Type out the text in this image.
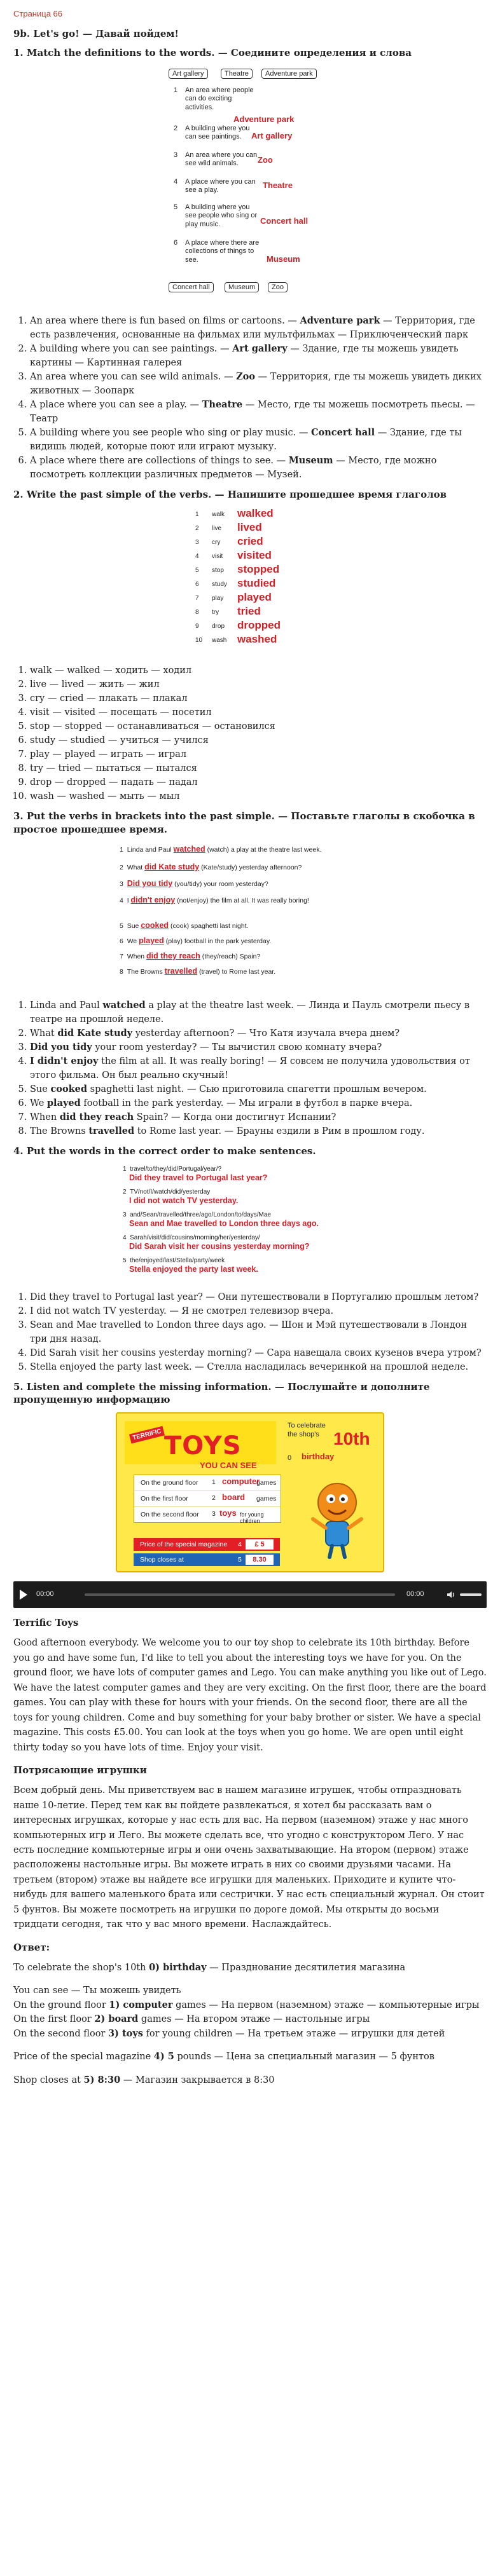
Страница 66
9b. Let's go! — Давай пойдем!
1. Match the definitions to the words. — Соедините определения и слова
Art gallery	Theatre	Adventure park
1 An area where people can do exciting activities.
Adventure park
2 A building where you can see paintings.	Art gallery
3 An area where you can see wild animals.	Zoo
4 A place where you can see a play.
Theatre
5 A building where you see people who sing or play music.	Concert hall
6 A place where there are collections of things to see.	Museum
Concert hall	Museum	Zoo
1. An area where there is fun based on films or cartoons. — Adventure park — Территория, где есть развлечения, основанные на фильмах или мультфильмах — Приключенческий парк
2. A building where you can see paintings. — Art gallery — Здание, где ты можешь увидеть картины — Картинная галерея
3. An area where you can see wild animals. — Zoo — Территория, где ты можешь увидеть диких животных — Зоопарк
4. A place where you can see a play. — Theatre — Место, где ты можешь посмотреть пьесы. — Театр
5. A building where you see people who sing or play music. — Concert hall — Здание, где ты видишь людей, которые поют или играют музыку.
6. A place where there are collections of things to see. — Museum — Место, где можно посмотреть коллекции различных предметов — Музей.
2. Write the past simple of the verbs. — Напишите прошедшее время глаголов
1 walk walked
2 live lived
3 cry cried
4 visit visited
5 stop stopped
6 study studied
7 play played
8 try tried
9 drop dropped
10 wash washed
1. walk — walked — ходить — ходил
2. live — lived — жить — жил
3. cry — cried — плакать — плакал
4. visit — visited — посещать — посетил
5. stop — stopped — останавливаться — остановился
6. study — studied — учиться — учился
7. play — played — играть — играл
8. try — tried — пытаться — пытался
9. drop — dropped — падать — падал
10. wash — washed — мыть — мыл
3. Put the verbs in brackets into the past simple. — Поставьте глаголы в скобочка в простое прошедшее время.
1 Linda and Paul watched (watch) a play at the theatre last week.
2 What did Kate study (Kate/study) yesterday afternoon?
3 Did you tidy (you/tidy) your room yesterday?
4 I didn't enjoy (not/enjoy) the film at all. It was really boring!
5 Sue cooked (cook) spaghetti last night.
6 We played (play) football in the park yesterday.
7 When did they reach (they/reach) Spain?
8 The Browns travelled (travel) to Rome last year.
1. Linda and Paul watched a play at the theatre last week. — Линда и Пауль смотрели пьесу в театре на прошлой неделе.
2. What did Kate study yesterday afternoon? — Что Катя изучала вчера днем?
3. Did you tidy your room yesterday? — Ты вычистил свою комнату вчера?
4. I didn't enjoy the film at all. It was really boring! — Я совсем не получила удовольствия от этого фильма. Он был реально скучный!
5. Sue cooked spaghetti last night. — Сью приготовила спагетти прошлым вечером.
6. We played football in the park yesterday. — Мы играли в футбол в парке вчера.
7. When did they reach Spain? — Когда они достигнут Испании?
8. The Browns travelled to Rome last year. — Брауны ездили в Рим в прошлом году.
4. Put the words in the correct order to make sentences.
1 travel/to/they/did/Portugal/year/?
Did they travel to Portugal last year?
2 TV/not/I/watch/did/yesterday
I did not watch TV yesterday.
3 and/Sean/travelled/three/ago/London/to/days/Mae
Sean and Mae travelled to London three days ago.
4 Sarah/visit/did/cousins/morning/her/yesterday/
Did Sarah visit her cousins yesterday morning?
5 the/enjoyed/last/Stella/party/week
Stella enjoyed the party last week.
1. Did they travel to Portugal last year? — Они путешествовали в Португалию прошлым летом?
2. I did not watch TV yesterday. — Я не смотрел телевизор вчера.
3. Sean and Mae travelled to London three days ago. — Шон и Мэй путешествовали в Лондон три дня назад.
4. Did Sarah visit her cousins yesterday morning? — Сара навещала своих кузенов вчера утром?
5. Stella enjoyed the party last week. — Стелла насладилась вечеринкой на прошлой неделе.
5. Listen and complete the missing information. — Послушайте и дополните пропущенную информацию
TERRIFIC TOYS
YOU CAN SEE
To celebrate the shop's 10th
0 birthday
On the ground floor 1 computer
games
On the first floor	2 board games
On the second floor 3 toys for young children
Price of the special magazine 4	£ 5
Shop closes at	5	8.30
00:00	00:00
Terrific Toys

Good afternoon everybody. We welcome you to our toy shop to celebrate its 10th birthday. Before you go and have some fun, I'd like to tell you about the interesting toys we have for you. On the ground floor, we have lots of computer games and Lego. You can make anything you like out of Lego. We have the latest computer games and they are very exciting. On the first floor, there are the board games. You can play with these for hours with your friends. On the second floor, there are all the toys for young children. Come and buy something for your baby brother or sister. We have a special magazine. This costs £5.00. You can look at the toys when you go home. We are open until eight thirty today so you have lots of time. Enjoy your visit.

Потрясающие игрушки

Всем добрый день. Мы приветствуем вас в нашем магазине игрушек, чтобы отпраздновать наше 10-летие. Перед тем как вы пойдете развлекаться, я хотел бы рассказать вам о интересных игрушках, которые у нас есть для вас. На первом (наземном) этаже у нас много компьютерных игр и Лего. Вы можете сделать все, что угодно с конструктором Лего. У нас есть последние компьютерные игры и они очень захватывающие. На втором (первом) этаже расположены настольные игры. Вы можете играть в них со своими друзьями часами. На третьем (втором) этаже вы найдете все игрушки для маленьких. Приходите и купите что-нибудь для вашего маленького брата или сестрички. У нас есть специальный журнал. Он стоит 5 фунтов. Вы можете посмотреть на игрушки по дороге домой. Мы открыты до восьми тридцати сегодня, так что у вас много времени. Наслаждайтесь.

Ответ:

To celebrate the shop's 10th 0) birthday — Празднование десятилетия магазина

You can see — Ты можешь увидеть

On the ground floor 1) computer games — На первом (наземном) этаже — компьютерные игры

On the first floor 2) board games — На втором этаже — настольные игры

On the second floor 3) toys for young children — На третьем этаже — игрушки для детей

Price of the special magazine 4) 5 pounds — Цена за специальный магазин — 5 фунтов

Shop closes at 5) 8:30 — Магазин закрывается в 8:30
